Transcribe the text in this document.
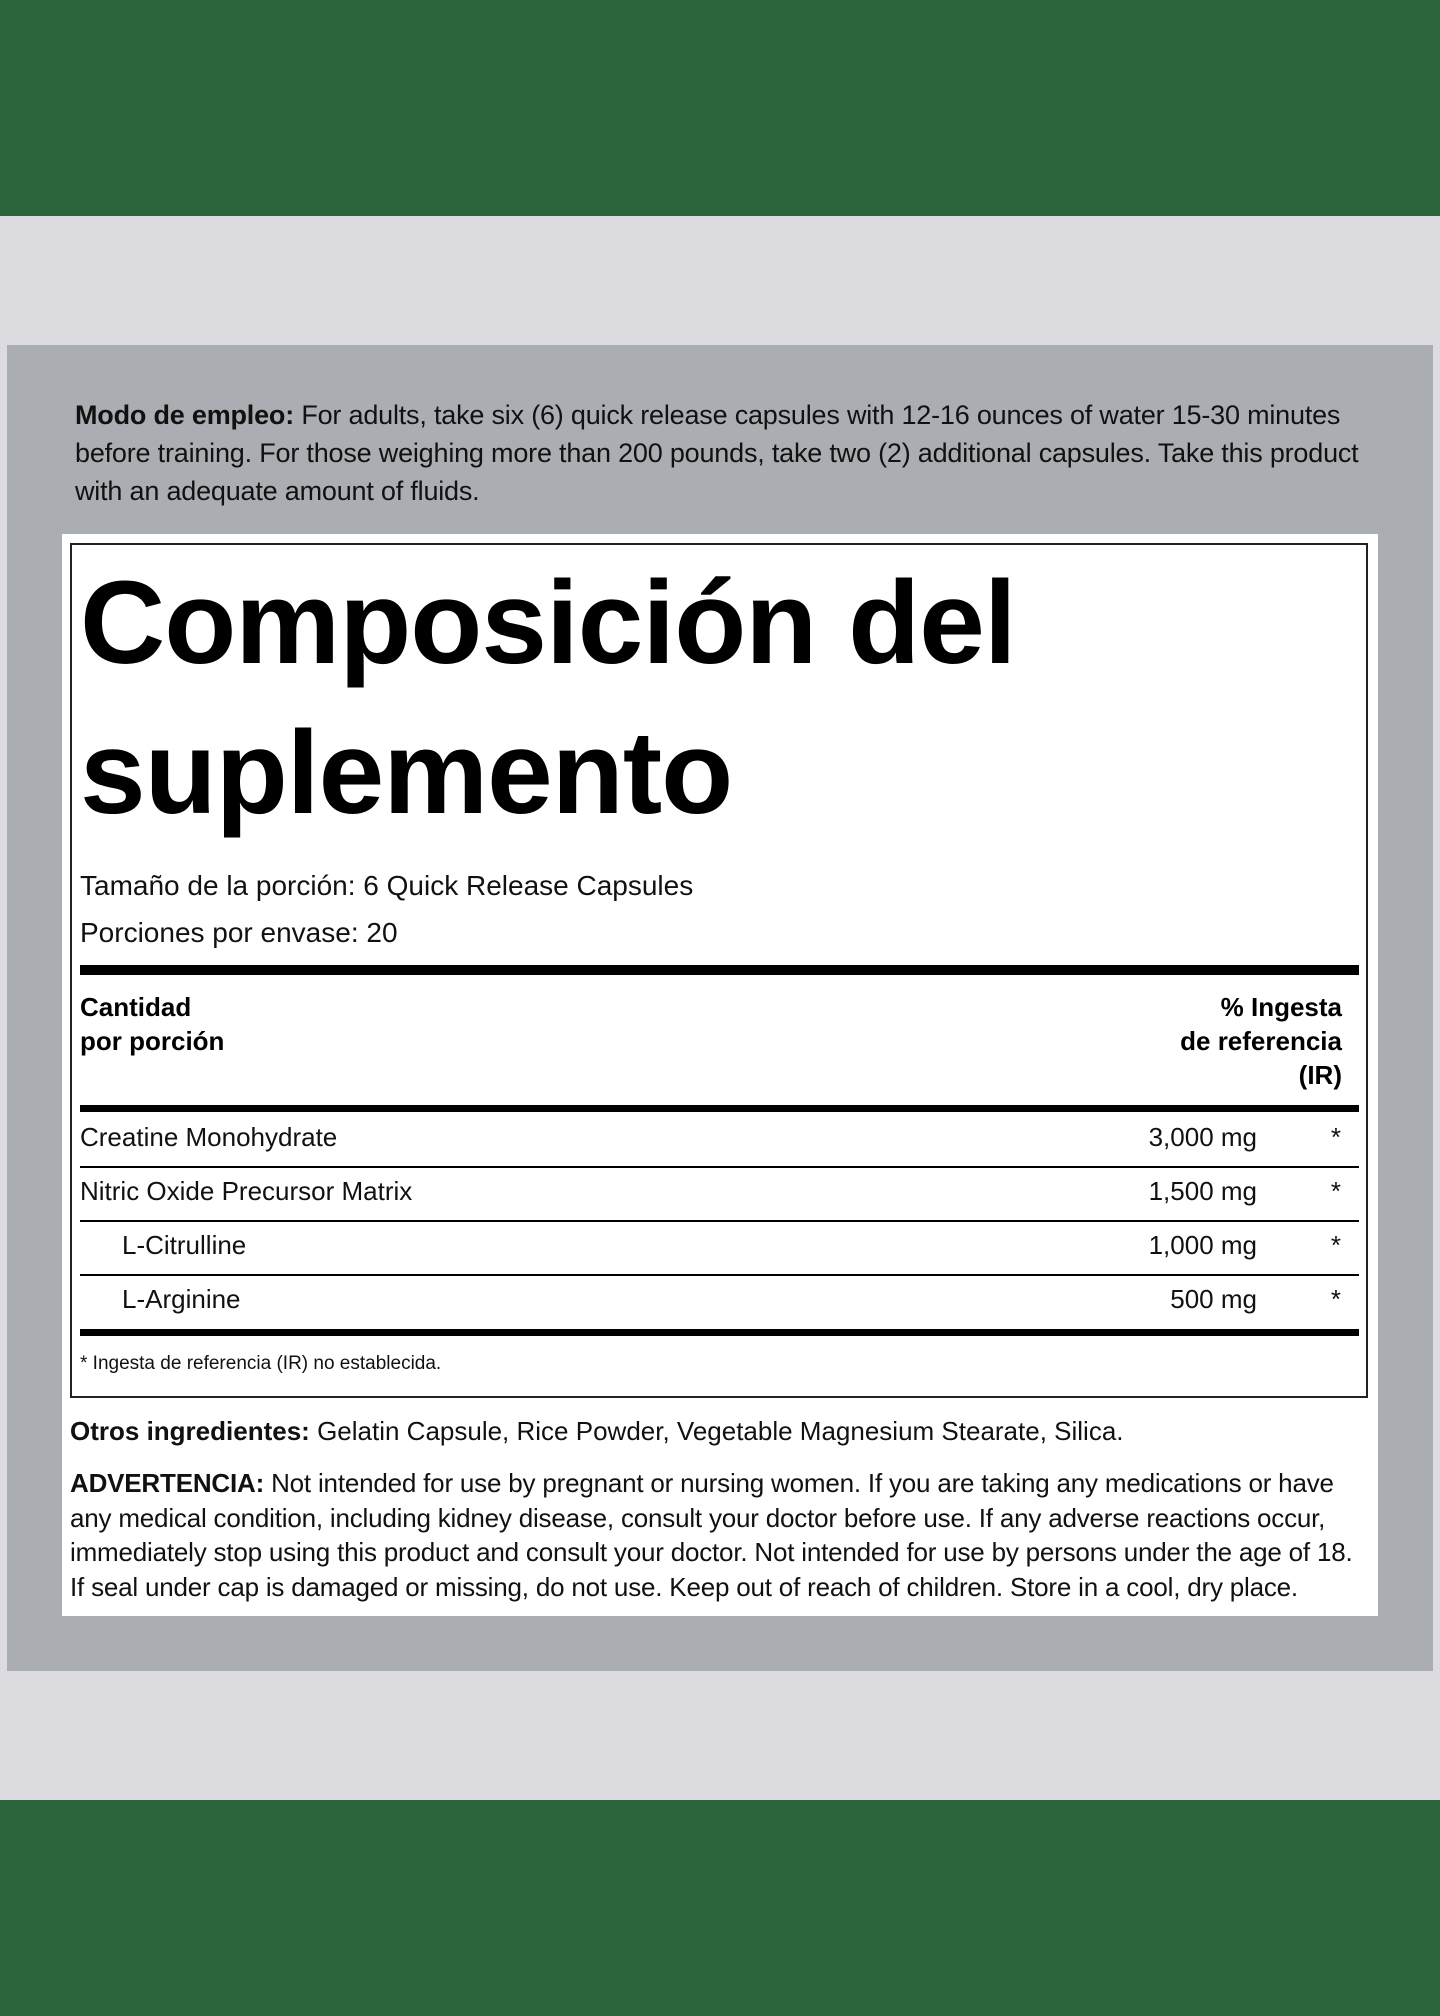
Modo de empleo: For adults, take six (6) quick release capsules with 12-16 ounces of water 15-30 minutes before training. For those weighing more than 200 pounds, take two (2) additional capsules. Take this product with an adequate amount of fluids.
Composición del
suplemento
Tamaño de la porción: 6 Quick Release Capsules
Porciones por envase: 20
Cantidad
por porción
% Ingesta
de referencia
(IR)
Creatine Monohydrate	3,000 mg	*
Nitric Oxide Precursor Matrix	1,500 mg	*
L-Citrulline	1,000 mg	*
L-Arginine	500 mg	*
* Ingesta de referencia (IR) no establecida.
Otros ingredientes: Gelatin Capsule, Rice Powder, Vegetable Magnesium Stearate, Silica.
ADVERTENCIA: Not intended for use by pregnant or nursing women. If you are taking any medications or have any medical condition, including kidney disease, consult your doctor before use. If any adverse reactions occur, immediately stop using this product and consult your doctor. Not intended for use by persons under the age of 18. If seal under cap is damaged or missing, do not use. Keep out of reach of children. Store in a cool, dry place.
